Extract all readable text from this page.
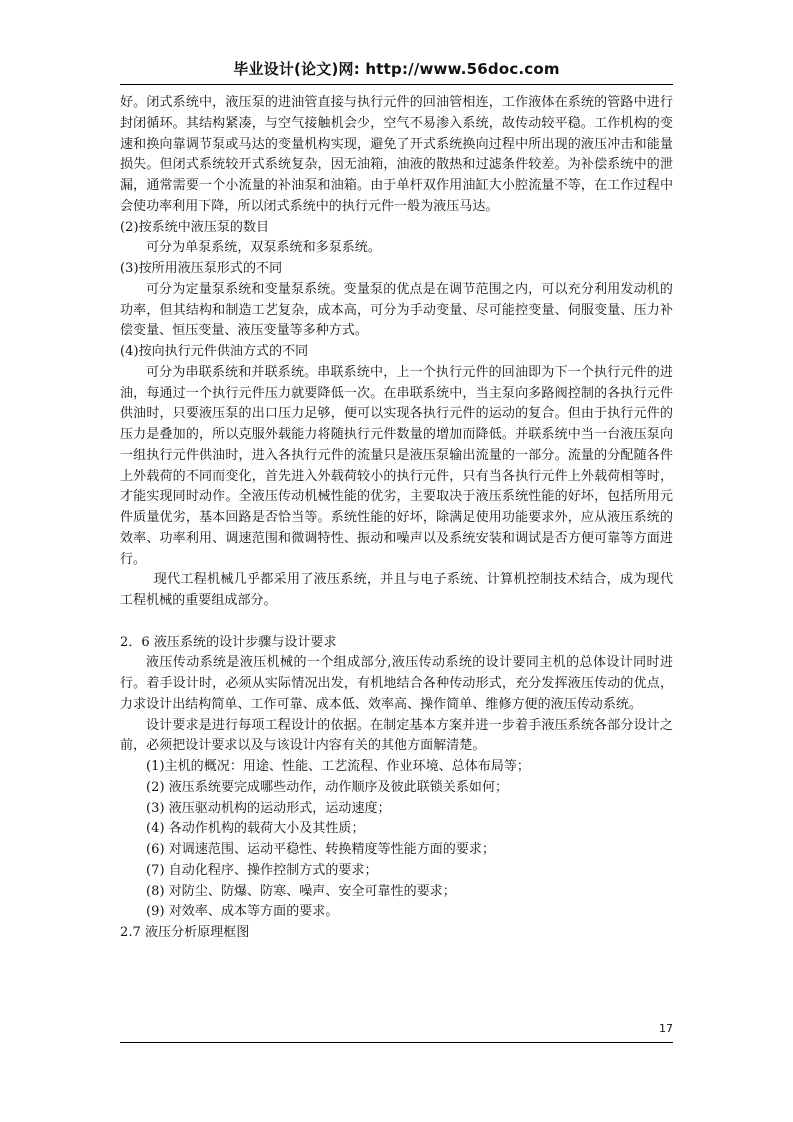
毕业设计(论文)网: http://www.56doc.com

好。闭式系统中，液压泵的进油管直接与执行元件的回油管相连，工作液体在系统的管路中进行封闭循环。其结构紧凑，与空气接触机会少，空气不易渗入系统，故传动较平稳。工作机构的变速和换向靠调节泵或马达的变量机构实现，避免了开式系统换向过程中所出现的液压冲击和能量损失。但闭式系统较开式系统复杂，因无油箱，油液的散热和过滤条件较差。为补偿系统中的泄漏，通常需要一个小流量的补油泵和油箱。由于单杆双作用油缸大小腔流量不等，在工作过程中会使功率利用下降，所以闭式系统中的执行元件一般为液压马达。

(2)按系统中液压泵的数目

可分为单泵系统，双泵系统和多泵系统。

(3)按所用液压泵形式的不同

可分为定量泵系统和变量泵系统。变量泵的优点是在调节范围之内，可以充分利用发动机的功率，但其结构和制造工艺复杂，成本高，可分为手动变量、尽可能控变量、伺服变量、压力补偿变量、恒压变量、液压变量等多种方式。

(4)按向执行元件供油方式的不同

可分为串联系统和并联系统。串联系统中，上一个执行元件的回油即为下一个执行元件的进油，每通过一个执行元件压力就要降低一次。在串联系统中，当主泵向多路阀控制的各执行元件供油时，只要液压泵的出口压力足够，便可以实现各执行元件的运动的复合。但由于执行元件的压力是叠加的，所以克服外载能力将随执行元件数量的增加而降低。并联系统中当一台液压泵向一组执行元件供油时，进入各执行元件的流量只是液压泵输出流量的一部分。流量的分配随各件上外载荷的不同而变化，首先进入外载荷较小的执行元件，只有当各执行元件上外载荷相等时，才能实现同时动作。全液压传动机械性能的优劣，主要取决于液压系统性能的好坏，包括所用元件质量优劣，基本回路是否恰当等。系统性能的好坏，除满足使用功能要求外，应从液压系统的效率、功率利用、调速范围和微调特性、振动和噪声以及系统安装和调试是否方便可靠等方面进行。

现代工程机械几乎都采用了液压系统，并且与电子系统、计算机控制技术结合，成为现代工程机械的重要组成部分。

2．6 液压系统的设计步骤与设计要求

液压传动系统是液压机械的一个组成部分,液压传动系统的设计要同主机的总体设计同时进行。着手设计时，必须从实际情况出发，有机地结合各种传动形式，充分发挥液压传动的优点，力求设计出结构简单、工作可靠、成本低、效率高、操作简单、维修方便的液压传动系统。

设计要求是进行每项工程设计的依据。在制定基本方案并进一步着手液压系统各部分设计之前，必须把设计要求以及与该设计内容有关的其他方面解清楚。

(1)主机的概况：用途、性能、工艺流程、作业环境、总体布局等；

(2) 液压系统要完成哪些动作，动作顺序及彼此联锁关系如何；

(3) 液压驱动机构的运动形式，运动速度；

(4) 各动作机构的载荷大小及其性质；

(6) 对调速范围、运动平稳性、转换精度等性能方面的要求；

(7) 自动化程序、操作控制方式的要求；

(8) 对防尘、防爆、防寒、噪声、安全可靠性的要求；

(9) 对效率、成本等方面的要求。

2.7 液压分析原理框图

17
